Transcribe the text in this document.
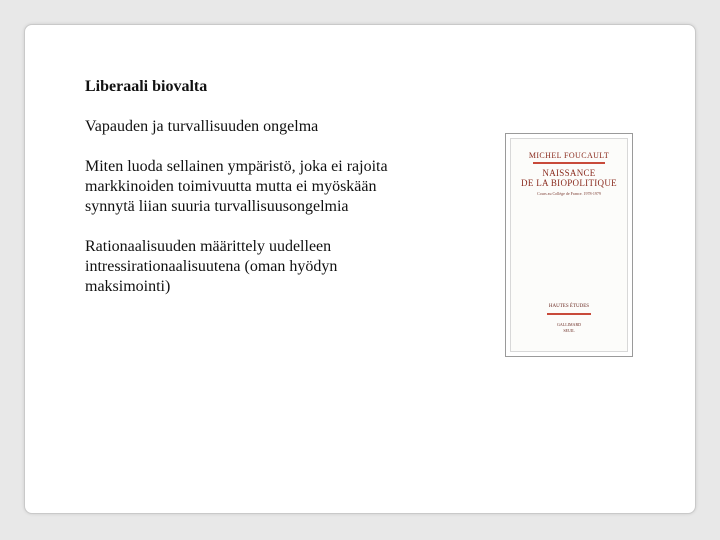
Liberaali biovalta

Vapauden ja turvallisuuden ongelma

Miten luoda sellainen ympäristö, joka ei rajoita markkinoiden toimivuutta mutta ei myöskään synnytä liian suuria turvallisuusongelmia

Rationaalisuuden määrittely uudelleen intressirationaalisuutena (oman hyödyn maksimointi)

MICHEL FOUCAULT
NAISSANCE
DE LA BIOPOLITIQUE
Cours au Collège de France. 1978-1979
HAUTES ÉTUDES
GALLIMARD
SEUIL
